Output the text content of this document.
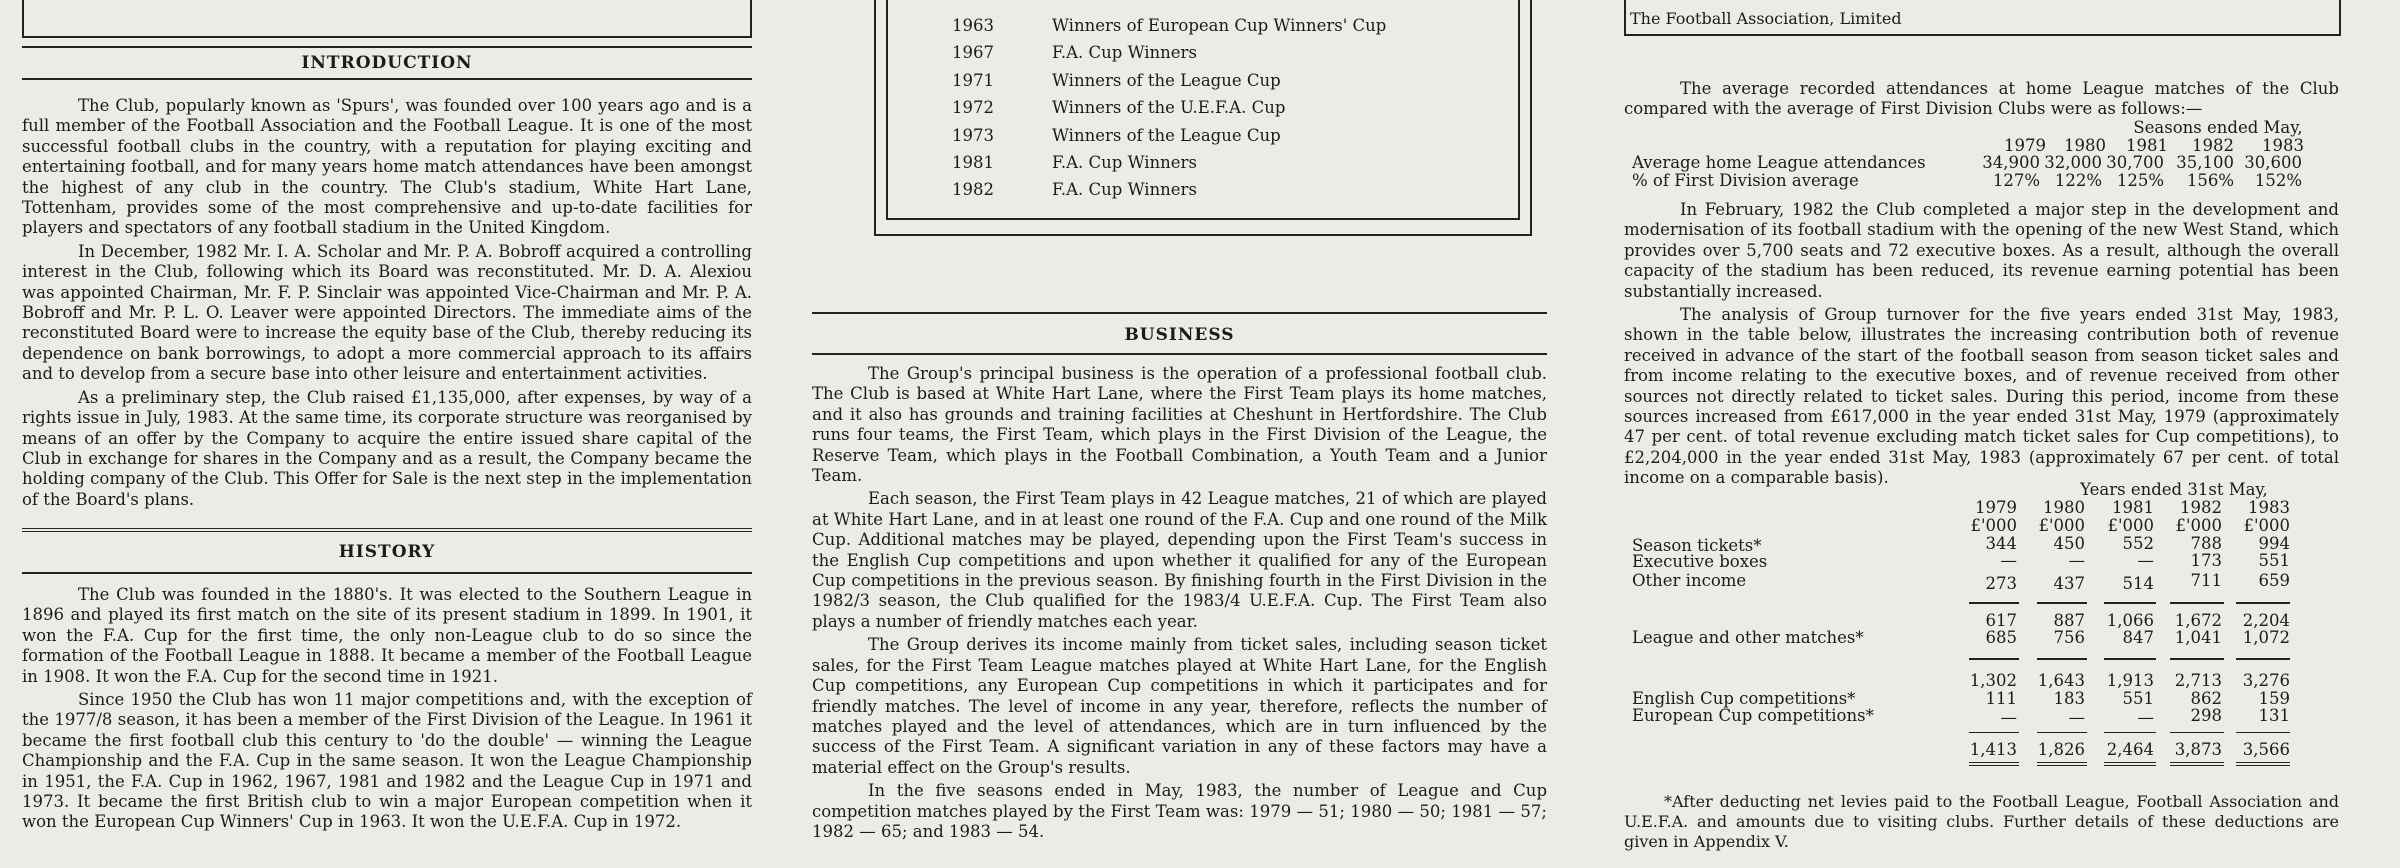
INTRODUCTION

The Club, popularly known as 'Spurs', was founded over 100 years ago and is a full member of the Football Association and the Football League. It is one of the most successful football clubs in the country, with a reputation for playing exciting and entertaining football, and for many years home match attendances have been amongst the highest of any club in the country. The Club's stadium, White Hart Lane, Tottenham, provides some of the most comprehensive and up-to-date facilities for players and spectators of any football stadium in the United Kingdom.

In December, 1982 Mr. I. A. Scholar and Mr. P. A. Bobroff acquired a controlling interest in the Club, following which its Board was reconstituted. Mr. D. A. Alexiou was appointed Chairman, Mr. F. P. Sinclair was appointed Vice-Chairman and Mr. P. A. Bobroff and Mr. P. L. O. Leaver were appointed Directors. The immediate aims of the reconstituted Board were to increase the equity base of the Club, thereby reducing its dependence on bank borrowings, to adopt a more commercial approach to its affairs and to develop from a secure base into other leisure and entertainment activities.

As a preliminary step, the Club raised £1,135,000, after expenses, by way of a rights issue in July, 1983. At the same time, its corporate structure was reorganised by means of an offer by the Company to acquire the entire issued share capital of the Club in exchange for shares in the Company and as a result, the Company became the holding company of the Club. This Offer for Sale is the next step in the implementation of the Board's plans.

HISTORY

The Club was founded in the 1880's. It was elected to the Southern League in 1896 and played its first match on the site of its present stadium in 1899. In 1901, it won the F.A. Cup for the first time, the only non-League club to do so since the formation of the Football League in 1888. It became a member of the Football League in 1908. It won the F.A. Cup for the second time in 1921.

Since 1950 the Club has won 11 major competitions and, with the exception of the 1977/8 season, it has been a member of the First Division of the League. In 1961 it became the first football club this century to 'do the double' — winning the League Championship and the F.A. Cup in the same season. It won the League Championship in 1951, the F.A. Cup in 1962, 1967, 1981 and 1982 and the League Cup in 1971 and 1973. It became the first British club to win a major European competition when it won the European Cup Winners' Cup in 1963. It won the U.E.F.A. Cup in 1972.

1963	Winners of European Cup Winners' Cup
1967	F.A. Cup Winners
1971	Winners of the League Cup
1972	Winners of the U.E.F.A. Cup
1973	Winners of the League Cup
1981	F.A. Cup Winners
1982	F.A. Cup Winners
BUSINESS

The Group's principal business is the operation of a professional football club. The Club is based at White Hart Lane, where the First Team plays its home matches, and it also has grounds and training facilities at Cheshunt in Hertfordshire. The Club runs four teams, the First Team, which plays in the First Division of the League, the Reserve Team, which plays in the Football Combination, a Youth Team and a Junior Team.

Each season, the First Team plays in 42 League matches, 21 of which are played at White Hart Lane, and in at least one round of the F.A. Cup and one round of the Milk Cup. Additional matches may be played, depending upon the First Team's success in the English Cup competitions and upon whether it qualified for any of the European Cup competitions in the previous season. By finishing fourth in the First Division in the 1982/3 season, the Club qualified for the 1983/4 U.E.F.A. Cup. The First Team also plays a number of friendly matches each year.

The Group derives its income mainly from ticket sales, including season ticket sales, for the First Team League matches played at White Hart Lane, for the English Cup competitions, any European Cup competitions in which it participates and for friendly matches. The level of income in any year, therefore, reflects the number of matches played and the level of attendances, which are in turn influenced by the success of the First Team. A significant variation in any of these factors may have a material effect on the Group's results.

In the five seasons ended in May, 1983, the number of League and Cup competition matches played by the First Team was: 1979 — 51; 1980 — 50; 1981 — 57; 1982 — 65; and 1983 — 54.

The Football Association, Limited

The average recorded attendances at home League matches of the Club compared with the average of First Division Clubs were as follows:—

Seasons ended May,
1979	1980	1981	1982	1983
Average home League attendances	34,900 32,000 30,700 35,100 30,600
% of First Division average	127% 122% 125%	156%	152%

In February, 1982 the Club completed a major step in the development and modernisation of its football stadium with the opening of the new West Stand, which provides over 5,700 seats and 72 executive boxes. As a result, although the overall capacity of the stadium has been reduced, its revenue earning potential has been substantially increased.

The analysis of Group turnover for the five years ended 31st May, 1983, shown in the table below, illustrates the increasing contribution both of revenue received in advance of the start of the football season from season ticket sales and from income relating to the executive boxes, and of revenue received from other sources not directly related to ticket sales. During this period, income from these sources increased from £617,000 in the year ended 31st May, 1979 (approximately 47 per cent. of total revenue excluding match ticket sales for Cup competitions), to £2,204,000 in the year ended 31st May, 1983 (approximately 67 per cent. of total income on a comparable basis).

Years ended 31st May,
1979	1980	1981	1982	1983
£'000	£'000	£'000	£'000	£'000
Season tickets*	344	450	552	788	994
Executive boxes	—	—	—	173	551
Other income	273	437	514	711	659
617	887	1,066	1,672	2,204
League and other matches*	685	756	847	1,041	1,072
1,302	1,643	1,913	2,713	3,276
English Cup competitions*	111	183	551	862	159
European Cup competitions*	—	—	—	298	131
1,413	1,826	2,464	3,873	3,566

*After deducting net levies paid to the Football League, Football Association and U.E.F.A. and amounts due to visiting clubs. Further details of these deductions are given in Appendix V.
